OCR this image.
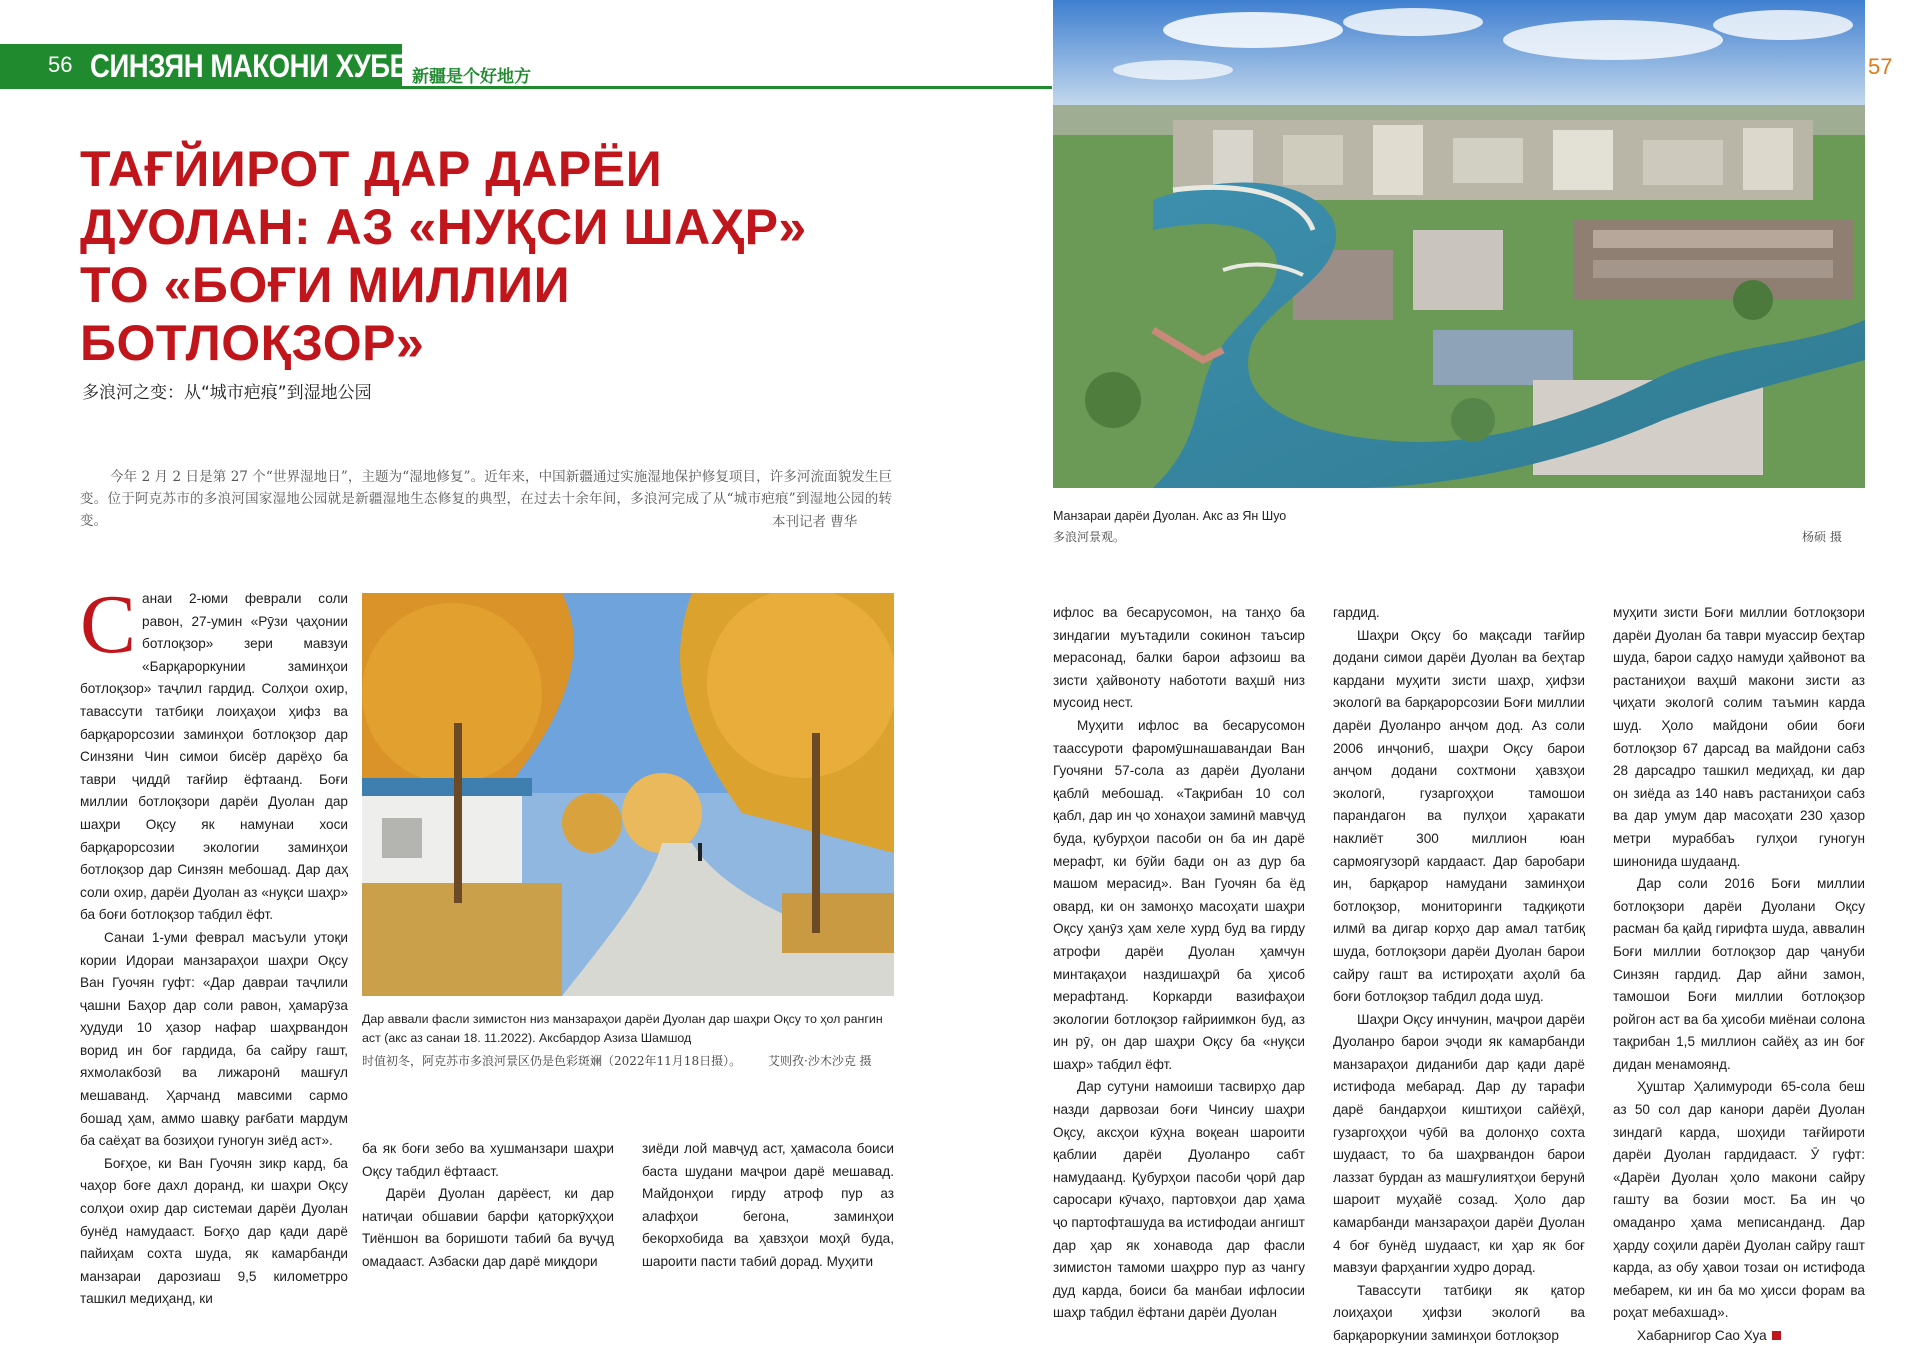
56 СИНЗЯН МАКОНИ ХУБЕСТ
新疆是个好地方	57
ТАҒЙИРОТ ДАР ДАРЁИ
ДУОЛАН: АЗ «НУҚСИ ШАҲР»
ТО «БОҒИ МИЛЛИИ
БОТЛОҚЗОР»
多浪河之变：从“城市疤痕”到湿地公园
今年 2 月 2 日是第 27 个“世界湿地日”，主题为“湿地修复”。近年来，中国新疆通过实施湿地保护修复项目，许多河流面貌发生巨变。位于阿克苏市的多浪河国家湿地公园就是新疆湿地生态修复的典型，在过去十余年间，多浪河完成了从“城市疤痕”到湿地公园的转变。	本刊记者 曹华	Манзараи дарёи Дуолан. Акс аз Ян Шуо
多浪河景观。	杨硕 摄
Дар аввали фасли зимистон низ манзараҳои дарёи Дуолан дар шаҳри Оқсу то ҳол рангин аст (акс аз санаи 18. 11.2022). Аксбардор Азиза Шамшод
时值初冬，阿克苏市多浪河景区仍是色彩斑斓（2022年11月18日摄）。 艾则孜·沙木沙克 摄

Санаи 2-юми феврали соли равон, 27-умин «Рӯзи ҷаҳонии ботлоқзор» зери мавзуи «Барқароркунии заминҳои ботлоқзор» таҷлил гардид. Солҳои охир, тавассути татбиқи лоиҳаҳои ҳифз ва барқарорсозии заминҳои ботлоқзор дар Синзяни Чин симои бисёр дарёҳо ба таври ҷиддӣ тағйир ёфтаанд. Боғи миллии ботлоқзори дарёи Дуолан дар шаҳри Оқсу як намунаи хоси барқарорсозии экологии заминҳои ботлоқзор дар Синзян мебошад. Дар даҳ соли охир, дарёи Дуолан аз «нуқси шаҳр» ба боғи ботлоқзор табдил ёфт.

Санаи 1-уми феврал масъули утоқи кории Идораи манзараҳои шаҳри Оқсу Ван Гуочян гуфт: «Дар давраи таҷлили ҷашни Баҳор дар соли равон, ҳамарӯза ҳудуди 10 ҳазор нафар шаҳрвандон ворид ин боғ гардида, ба сайру гашт, яхмолакбозӣ ва лижаронӣ машғул мешаванд. Ҳарчанд мавсими сармо бошад ҳам, аммо шавқу рағбати мардум ба саёҳат ва бозиҳои гуногун зиёд аст».

Боғҳое, ки Ван Гуочян зикр кард, ба чаҳор боғе дахл доранд, ки шаҳри Оқсу солҳои охир дар системаи дарёи Дуолан бунёд намудааст. Боғҳо дар қади дарё пайиҳам сохта шуда, як камарбанди манзараи дарозиаш 9,5 километрро ташкил медиҳанд, ки

ба як боғи зебо ва хушманзари шаҳри Оқсу табдил ёфтааст.

Дарёи Дуолан дарёест, ки дар натиҷаи обшавии барфи қаторкӯҳҳои Тиёншон ва боришоти табиӣ ба вуҷуд омадааст. Азбаски дар дарё миқдори

зиёди лой мавҷуд аст, ҳамасола боиси баста шудани маҷрои дарё мешавад. Майдонҳои гирду атроф пур аз алафҳои бегона, заминҳои бекорхобида ва ҳавзҳои моҳӣ буда, шароити пасти табиӣ дорад. Муҳити

ифлос ва бесарусомон, на танҳо ба зиндагии муътадили сокинон таъсир мерасонад, балки барои афзоиш ва зисти ҳайвоноту набототи ваҳшӣ низ мусоид нест.

Муҳити ифлос ва бесарусомон таассуроти фаромӯшнашавандаи Ван Гуочяни 57-сола аз дарёи Дуолани қаблӣ мебошад. «Тақрибан 10 сол қабл, дар ин ҷо хонаҳои заминӣ мавҷуд буда, қубурҳои пасоби он ба ин дарё мерафт, ки бӯйи бади он аз дур ба машом мерасид». Ван Гуочян ба ёд овард, ки он замонҳо масоҳати шаҳри Оқсу ҳанӯз ҳам хеле хурд буд ва гирду атрофи дарёи Дуолан ҳамчун минтақаҳои наздишаҳрӣ ба ҳисоб мерафтанд. Коркарди вазифаҳои экологии ботлоқзор ғайриимкон буд, аз ин рӯ, он дар шаҳри Оқсу ба «нуқси шаҳр» табдил ёфт.

Дар сутуни намоиши тасвирҳо дар назди дарвозаи боғи Чинсиу шаҳри Оқсу, аксҳои кӯҳна воқеан шароити қаблии дарёи Дуоланро сабт намудаанд. Қубурҳои пасоби ҷорӣ дар саросари кӯчаҳо, партовҳои дар ҳама ҷо партофташуда ва истифодаи ангишт дар ҳар як хонавода дар фасли зимистон тамоми шаҳрро пур аз чангу дуд карда, боиси ба манбаи ифлосии шаҳр табдил ёфтани дарёи Дуолан

гардид.

Шаҳри Оқсу бо мақсади тағйир додани симои дарёи Дуолан ва беҳтар кардани муҳити зисти шаҳр, ҳифзи экологӣ ва барқарорсозии Боғи миллии дарёи Дуоланро анҷом дод. Аз соли 2006 инҷониб, шаҳри Оқсу барои анҷом додани сохтмони ҳавзҳои экологӣ, гузаргоҳҳои тамошои парандагон ва пулҳои ҳаракати наклиёт 300 миллион юан сармоягузорӣ кардааст. Дар баробари ин, барқарор намудани заминҳои ботлоқзор, мониторинги тадқиқоти илмӣ ва дигар корҳо дар амал татбиқ шуда, ботлоқзори дарёи Дуолан барои сайру гашт ва истироҳати аҳолӣ ба боғи ботлоқзор табдил дода шуд.

Шаҳри Оқсу инчунин, маҷрои дарёи Дуоланро барои эҷоди як камарбанди манзараҳои диданиби дар қади дарё истифода мебарад. Дар ду тарафи дарё бандарҳои киштиҳои сайёҳӣ, гузаргоҳҳои чӯбӣ ва долонҳо сохта шудааст, то ба шаҳрвандон барои лаззат бурдан аз машғулиятҳои берунӣ шароит муҳайё созад. Ҳоло дар камарбанди манзараҳои дарёи Дуолан 4 боғ бунёд шудааст, ки ҳар як боғ мавзуи фарҳангии худро дорад.

Тавассути татбиқи як қатор лоиҳаҳои ҳифзи экологӣ ва барқароркунии заминҳои ботлоқзор

муҳити зисти Боғи миллии ботлоқзори дарёи Дуолан ба таври муассир беҳтар шуда, барои садҳо намуди ҳайвонот ва растаниҳои ваҳшӣ макони зисти аз ҷиҳати экологӣ солим таъмин карда шуд. Ҳоло майдони обии боғи ботлоқзор 67 дарсад ва майдони сабз 28 дарсадро ташкил медиҳад, ки дар он зиёда аз 140 навъ растаниҳои сабз ва дар умум дар масоҳати 230 ҳазор метри мураббаъ гулҳои гуногун шинонида шудаанд.

Дар соли 2016 Боғи миллии ботлоқзори дарёи Дуолани Оқсу расман ба қайд гирифта шуда, аввалин Боғи миллии ботлоқзор дар ҷануби Синзян гардид. Дар айни замон, тамошои Боғи миллии ботлоқзор ройгон аст ва ба ҳисоби миёнаи солона тақрибан 1,5 миллион сайёҳ аз ин боғ дидан менамоянд.

Ҳуштар Ҳалимуроди 65-сола беш аз 50 сол дар канори дарёи Дуолан зиндагӣ карда, шоҳиди тағйироти дарёи Дуолан гардидааст. Ӯ гуфт: «Дарёи Дуолан ҳоло макони сайру гашту ва бозии мост. Ба ин ҷо омаданро ҳама меписанданд. Дар ҳарду соҳили дарёи Дуолан сайру гашт карда, аз обу ҳавои тозаи он истифода мебарем, ки ин ба мо ҳисси форам ва роҳат мебахшад».

Хабарнигор Сао Хуа
